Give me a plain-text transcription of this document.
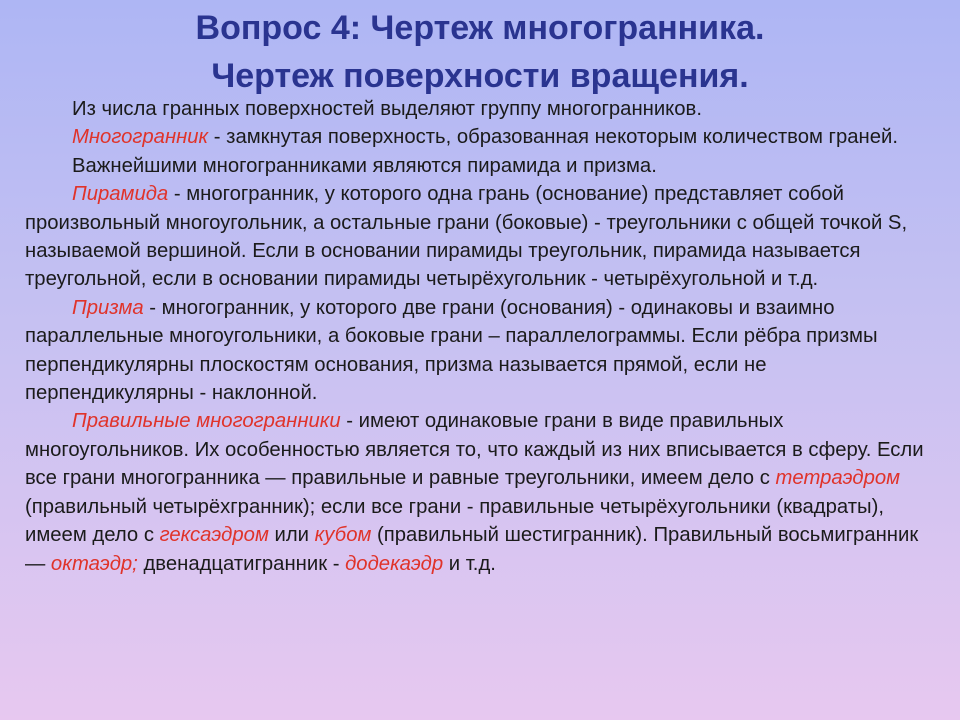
Вопрос 4: Чертеж многогранника.
Чертеж поверхности вращения.

Из числа гранных поверхностей выделяют группу многогранников.

Многогранник - замкнутая поверхность, образованная некоторым количеством граней.

Важнейшими многогранниками являются пирамида и призма.

Пирамида - многогранник, у которого одна грань (основание) представляет собой произвольный многоугольник, а остальные грани (боковые) - треугольники с общей точкой S, называемой вершиной. Если в основании пирамиды треугольник, пирамида называется треугольной, если в основании пирамиды четырёхугольник - четырёхугольной и т.д.

Призма - многогранник, у которого две грани (основания) - одинаковы и взаимно параллельные многоугольники, а боковые грани – параллелограммы. Если рёбра призмы перпендикулярны плоскостям основания, призма называется прямой, если не перпендикулярны - наклонной.

Правильные многогранники - имеют одинаковые грани в виде правильных многоугольников. Их особенностью является то, что каждый из них вписывается в сферу. Если все грани многогранника — правильные и равные треугольники, имеем дело с тетраэдром (правильный четырёхгранник); если все грани - правильные четырёхугольники (квадраты), имеем дело с гексаэдром или кубом (правильный шестигранник). Правильный восьмигранник — октаэдр; двенадцатигранник - додекаэдр и т.д.
